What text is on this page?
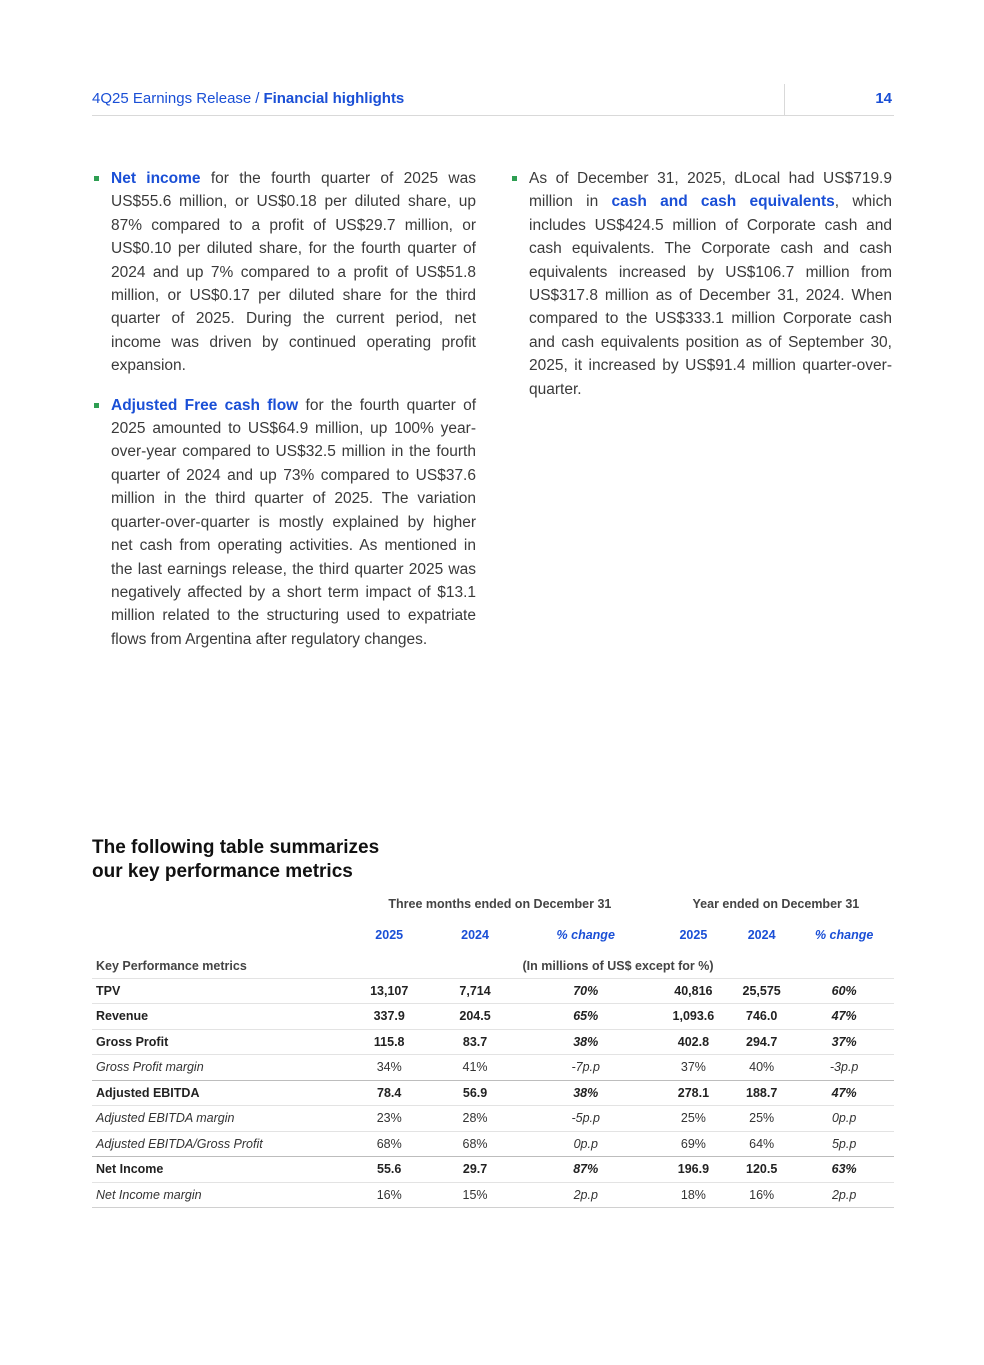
4Q25 Earnings Release / Financial highlights	14

Net income for the fourth quarter of 2025 was US$55.6 million, or US$0.18 per diluted share, up 87% compared to a profit of US$29.7 million, or US$0.10 per diluted share, for the fourth quarter of 2024 and up 7% compared to a profit of US$51.8 million, or US$0.17 per diluted share for the third quarter of 2025. During the current period, net income was driven by continued operating profit expansion.

Adjusted Free cash flow for the fourth quarter of 2025 amounted to US$64.9 million, up 100% year-over-year compared to US$32.5 million in the fourth quarter of 2024 and up 73% compared to US$37.6 million in the third quarter of 2025. The variation quarter-over-quarter is mostly explained by higher net cash from operating activities. As mentioned in the last earnings release, the third quarter 2025 was negatively affected by a short term impact of $13.1 million related to the structuring used to expatriate flows from Argentina after regulatory changes.

As of December 31, 2025, dLocal had US$719.9 million in cash and cash equivalents, which includes US$424.5 million of Corporate cash and cash equivalents. The Corporate cash and cash equivalents increased by US$106.7 million from US$317.8 million as of December 31, 2024. When compared to the US$333.1 million Corporate cash and cash equivalents position as of September 30, 2025, it increased by US$91.4 million quarter-over-quarter.

The following table summarizes
our key performance metrics
	Three months ended on December 31			Year ended on December 31		
	2025	2024	% change	2025	2024	% change
Key Performance metrics	(In millions of US$ except for %)					
TPV	13,107	7,714	70%	40,816	25,575	60%
Revenue	337.9	204.5	65%	1,093.6	746.0	47%
Gross Profit	115.8	83.7	38%	402.8	294.7	37%
Gross Profit margin	34%	41%	-7p.p	37%	40%	-3p.p
Adjusted EBITDA	78.4	56.9	38%	278.1	188.7	47%
Adjusted EBITDA margin	23%	28%	-5p.p	25%	25%	0p.p
Adjusted EBITDA/Gross Profit	68%	68%	0p.p	69%	64%	5p.p
Net Income	55.6	29.7	87%	196.9	120.5	63%
Net Income margin	16%	15%	2p.p	18%	16%	2p.p
